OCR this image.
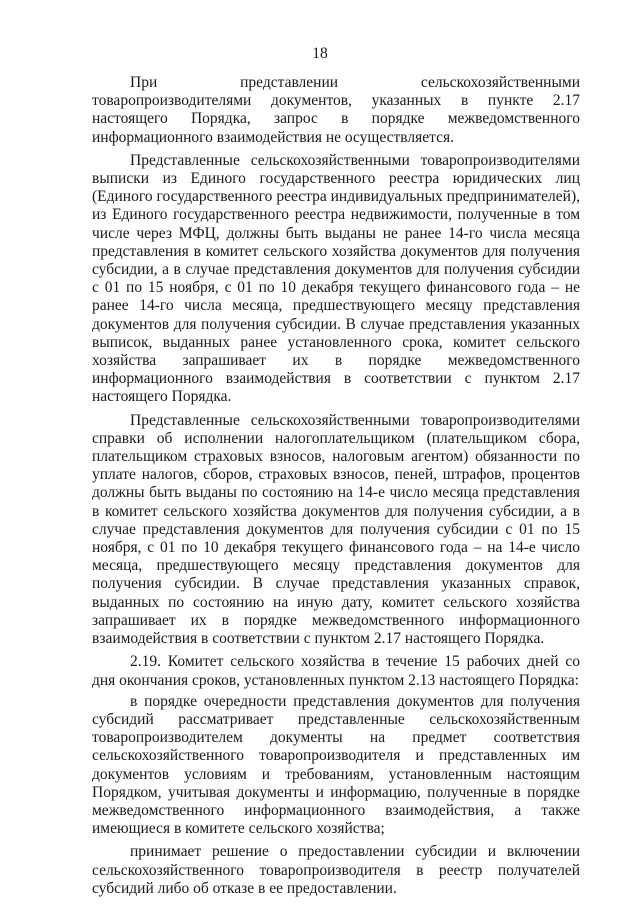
18

При представлении сельскохозяйственными товаропроизводителями документов, указанных в пункте 2.17 настоящего Порядка, запрос в порядке межведомственного информационного взаимодействия не осуществляется.

Представленные сельскохозяйственными товаропроизводителями выписки из Единого государственного реестра юридических лиц (Единого государственного реестра индивидуальных предпринимателей), из Единого государственного реестра недвижимости, полученные в том числе через МФЦ, должны быть выданы не ранее 14-го числа месяца представления в комитет сельского хозяйства документов для получения субсидии, а в случае представления документов для получения субсидии с 01 по 15 ноября, с 01 по 10 декабря текущего финансового года – не ранее 14-го числа месяца, предшествующего месяцу представления документов для получения субсидии. В случае представления указанных выписок, выданных ранее установленного срока, комитет сельского хозяйства запрашивает их в порядке межведомственного информационного взаимодействия в соответствии с пунктом 2.17 настоящего Порядка.

Представленные сельскохозяйственными товаропроизводителями справки об исполнении налогоплательщиком (плательщиком сбора, плательщиком страховых взносов, налоговым агентом) обязанности по уплате налогов, сборов, страховых взносов, пеней, штрафов, процентов должны быть выданы по состоянию на 14-е число месяца представления в комитет сельского хозяйства документов для получения субсидии, а в случае представления документов для получения субсидии с 01 по 15 ноября, с 01 по 10 декабря текущего финансового года – на 14-е число месяца, предшествующего месяцу представления документов для получения субсидии. В случае представления указанных справок, выданных по состоянию на иную дату, комитет сельского хозяйства запрашивает их в порядке межведомственного информационного взаимодействия в соответствии с пунктом 2.17 настоящего Порядка.

2.19. Комитет сельского хозяйства в течение 15 рабочих дней со дня окончания сроков, установленных пунктом 2.13 настоящего Порядка:

в порядке очередности представления документов для получения субсидий рассматривает представленные сельскохозяйственным товаропроизводителем документы на предмет соответствия сельскохозяйственного товаропроизводителя и представленных им документов условиям и требованиям, установленным настоящим Порядком, учитывая документы и информацию, полученные в порядке межведомственного информационного взаимодействия, а также имеющиеся в комитете сельского хозяйства;

принимает решение о предоставлении субсидии и включении сельскохозяйственного товаропроизводителя в реестр получателей субсидий либо об отказе в ее предоставлении.
